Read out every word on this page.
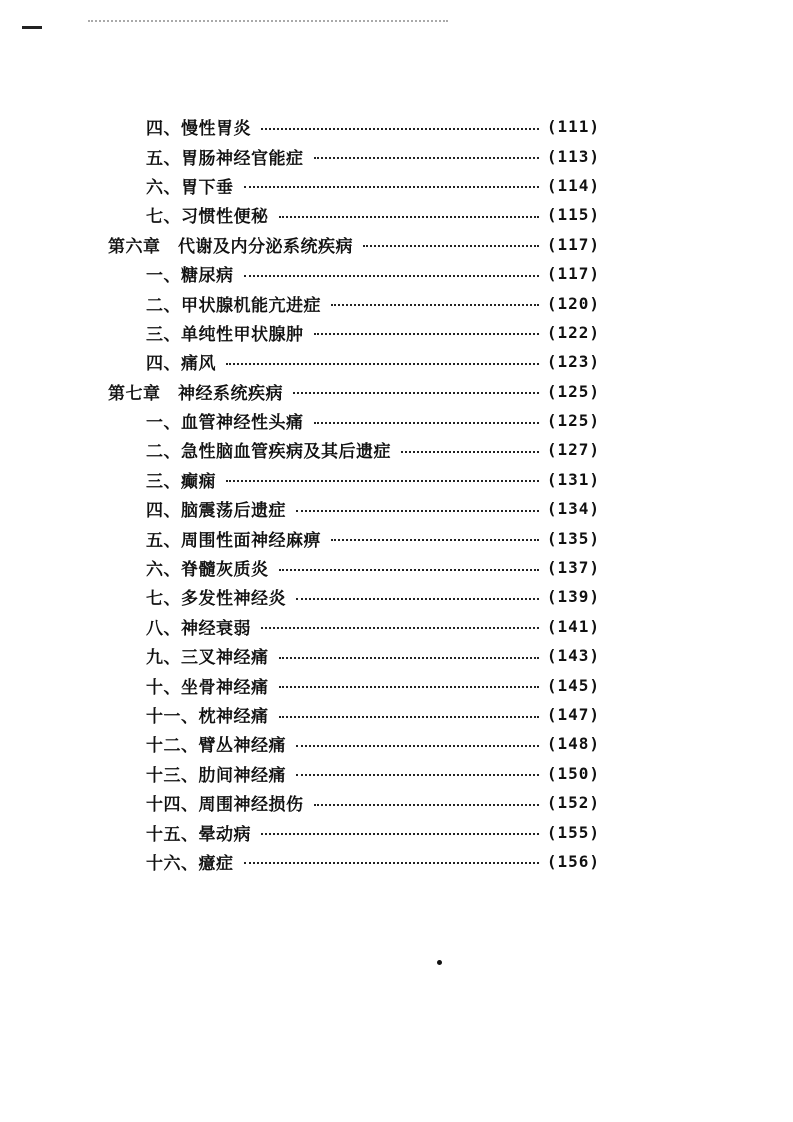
四、慢性胃炎	(111)
五、胃肠神经官能症	(113)
六、胃下垂	(114)
七、习惯性便秘	(115)
第六章　代谢及内分泌系统疾病	(117)
一、糖尿病	(117)
二、甲状腺机能亢进症	(120)
三、单纯性甲状腺肿	(122)
四、痛风	(123)
第七章　神经系统疾病	(125)
一、血管神经性头痛	(125)
二、急性脑血管疾病及其后遗症	(127)
三、癫痫	(131)
四、脑震荡后遗症	(134)
五、周围性面神经麻痹	(135)
六、脊髓灰质炎	(137)
七、多发性神经炎	(139)
八、神经衰弱	(141)
九、三叉神经痛	(143)
十、坐骨神经痛	(145)
十一、枕神经痛	(147)
十二、臂丛神经痛	(148)
十三、肋间神经痛	(150)
十四、周围神经损伤	(152)
十五、晕动病	(155)
十六、癔症	(156)
